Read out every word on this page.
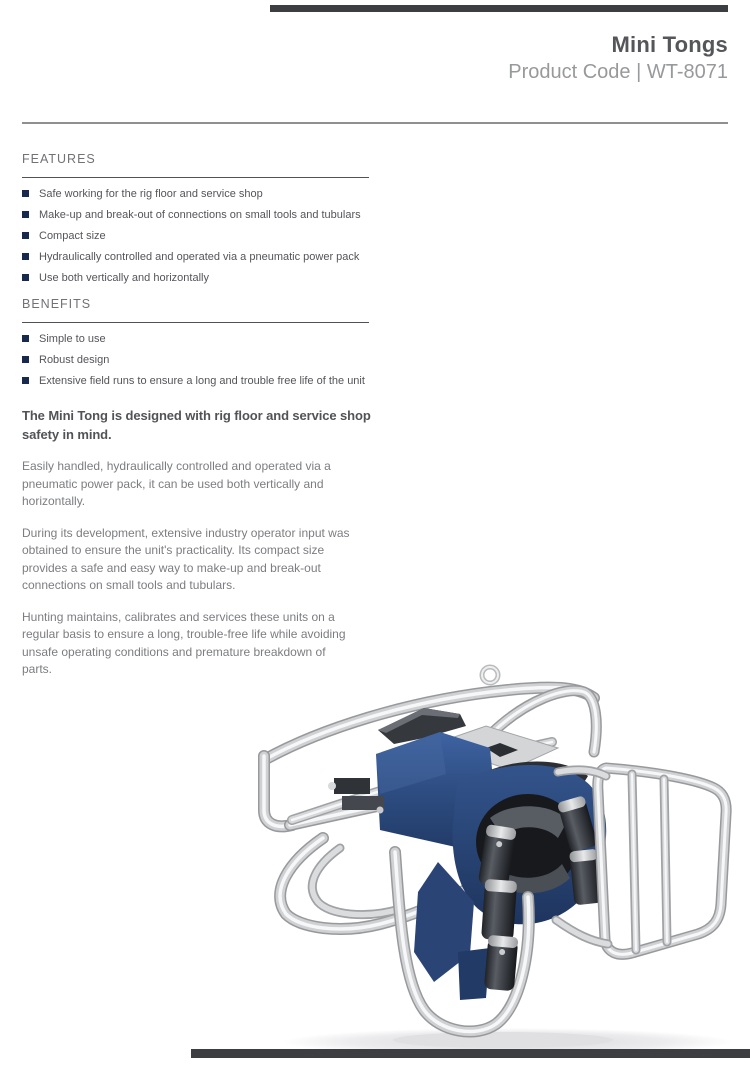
Mini Tongs
Product Code | WT-8071
FEATURES
Safe working for the rig floor and service shop
Make-up and break-out of connections on small tools and tubulars
Compact size
Hydraulically controlled and operated via a pneumatic power pack
Use both vertically and horizontally
BENEFITS
Simple to use
Robust design
Extensive field runs to ensure a long and trouble free life of the unit

The Mini Tong is designed with rig floor and service shop safety in mind.

Easily handled, hydraulically controlled and operated via a pneumatic power pack, it can be used both vertically and horizontally.

During its development, extensive industry operator input was obtained to ensure the unit's practicality. Its compact size provides a safe and easy way to make-up and break-out connections on small tools and tubulars.

Hunting maintains, calibrates and services these units on a regular basis to ensure a long, trouble-free life while avoiding unsafe operating conditions and premature breakdown of parts.
